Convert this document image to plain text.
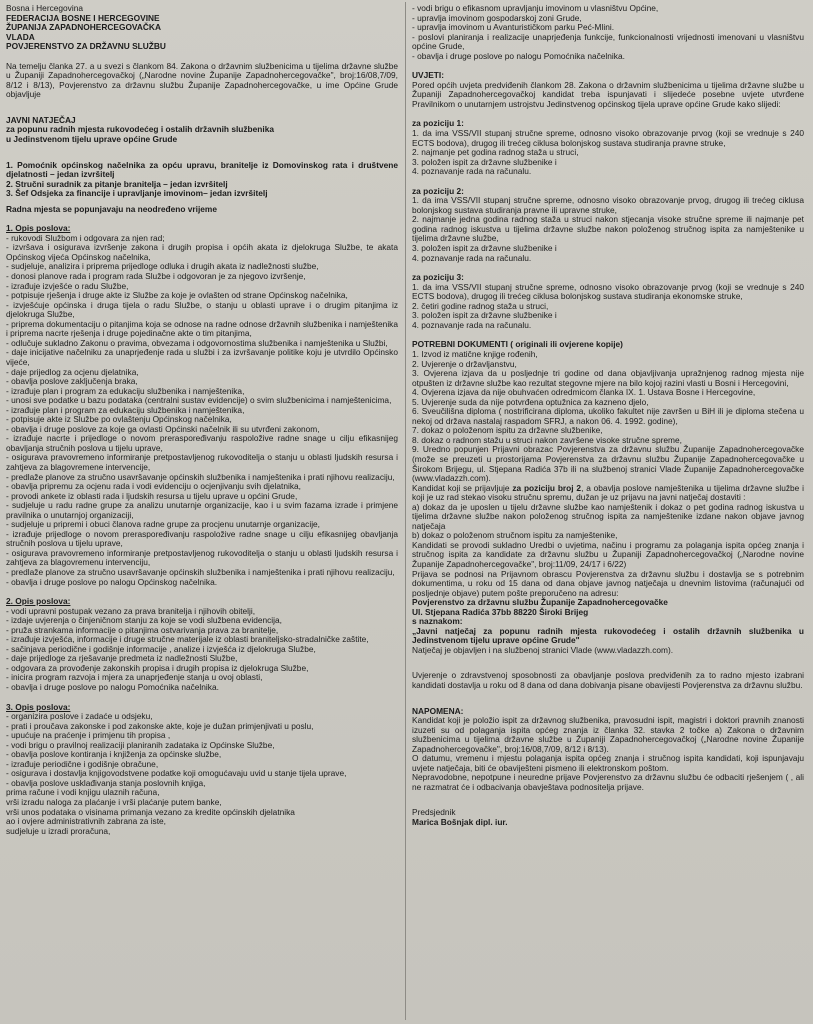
Bosna i Hercegovina

FEDERACIJA BOSNE I HERCEGOVINE

ŽUPANIJA ZAPADNOHERCEGOVAČKA

VLADA

POVJERENSTVO ZA DRŽAVNU SLUŽBU

Na temelju članka 27. a u svezi s člankom 84. Zakona o državnim službenicima u tijelima državne službe u Županiji Zapadnohercegovačkoj („Narodne novine Županije Zapadnohercegovačke", broj:16/08,7/09, 8/12 i 8/13), Povjerenstvo za državnu službu Županije Zapadnohercegovačke, u ime Općine Grude objavljuje

JAVNI NATJEČAJ

za popunu radnih mjesta rukovodećeg i ostalih državnih službenika

u Jedinstvenom tijelu uprave općine Grude

1. Pomoćnik općinskog načelnika za opću upravu, branitelje iz Domovinskog rata i društvene djelatnosti – jedan izvršitelj

2. Stručni suradnik za pitanje branitelja – jedan izvršitelj

3. Šef Odsjeka za financije i upravljanje imovinom– jedan izvršitelj

Radna mjesta se popunjavaju na neodređeno vrijeme

1. Opis poslova:

- rukovodi Službom i odgovara za njen rad;

- izvršava i osigurava izvršenje zakona i drugih propisa i općih akata iz djelokruga Službe, te akata Općinskog vijeća Općinskog načelnika,

- sudjeluje, analizira i priprema prijedloge odluka i drugih akata iz nadležnosti službe,

- donosi planove rada i program rada Službe i odgovoran je za njegovo izvršenje,

- izrađuje izvješće o radu Službe,

- potpisuje rješenja i druge akte iz Službe za koje je ovlašten od strane Općinskog načelnika,

- izvješćuje općinska i druga tijela o radu Službe, o stanju u oblasti uprave i o drugim pitanjima iz djelokruga Službe,

- priprema dokumentaciju o pitanjima koja se odnose na radne odnose državnih službenika i namještenika i priprema nacrte rješenja i druge pojedinačne akte o tim pitanjima,

- odlučuje sukladno Zakonu o pravima, obvezama i odgovornostima službenika i namještenika u Službi,

- daje inicijative načelniku za unaprjeđenje rada u službi i za izvršavanje politike koju je utvrdilo Općinsko vijeće,

- daje prijedlog za ocjenu djelatnika,

- obavlja poslove zaključenja braka,

- izrađuje plan i program za edukaciju službenika i namještenika,

- unosi sve podatke u bazu podataka (centralni sustav evidencije) o svim službenicima i namještenicima,

- izrađuje plan i program za edukaciju službenika i namještenika,

- potpisuje akte iz Službe po ovlaštenju Općinskog načelnika,

- obavlja i druge poslove za koje ga ovlasti Općinski načelnik ili su utvrđeni zakonom,

- izrađuje nacrte i prijedloge o novom preraspoređivanju raspoložive radne snage u cilju efikasnijeg obavljanja stručnih poslova u tijelu uprave,

- osigurava pravovremeno informiranje pretpostavljenog rukovoditelja o stanju u oblasti ljudskih resursa i zahtjeva za blagovremene intervencije,

- predlaže planove za stručno usavršavanje općinskih službenika i namještenika i prati njihovu realizaciju,

- obavlja pripremu za ocjenu rada i vodi evidenciju o ocjenjivanju svih djelatnika,

- provodi ankete iz oblasti rada i ljudskih resursa u tijelu uprave u općini Grude,

- sudjeluje u radu radne grupe za analizu unutarnje organizacije, kao i u svim fazama izrade i primjene pravilnika o unutarnjoj organizaciji,

- sudjeluje u pripremi i obuci članova radne grupe za procjenu unutarnje organizacije,

- izrađuje prijedloge o novom preraspoređivanju raspoložive radne snage u cilju efikasnijeg obavljanja stručnih poslova u tijelu uprave,

- osigurava pravovremeno informiranje pretpostavljenog rukovoditelja o stanju u oblasti ljudskih resursa i zahtjeva za blagovremenu intervenciju,

- predlaže planove za stručno usavršavanje općinskih službenika i namještenika i prati njihovu realizaciju,

- obavlja i druge poslove po nalogu Općinskog načelnika.

2. Opis poslova:

- vodi upravni postupak vezano za prava branitelja i njihovih obitelji,

- izdaje uvjerenja o činjeničnom stanju za koje se vodi službena evidencija,

- pruža strankama informacije o pitanjima ostvarivanja prava za branitelje,

- izrađuje izvješća, informacije i druge stručne materijale iz oblasti braniteljsko-stradalničke zaštite,

- sačinjava periodične i godišnje informacije , analize i izvješća iz djelokruga Službe,

- daje prijedloge za rješavanje predmeta iz nadležnosti Službe,

- odgovara za provođenje zakonskih propisa i drugih propisa iz djelokruga Službe,

- inicira program razvoja i mjera za unaprjeđenje stanja u ovoj oblasti,

- obavlja i druge poslove po nalogu Pomoćnika načelnika.

3. Opis poslova:

- organizira poslove i zadaće u odsjeku,

- prati i proučava zakonske i pod zakonske akte, koje je dužan primjenjivati u poslu,

- upućuje na praćenje i primjenu tih propisa ,

- vodi brigu o pravilnoj realizaciji planiranih zadataka iz Općinske Službe,

- obavlja poslove kontiranja i knjiženja za općinske službe,

- izrađuje periodične i godišnje obračune,

- osigurava i dostavlja knjigovodstvene podatke koji omogućavaju uvid u stanje tijela uprave,

- obavlja poslove usklađivanja stanja poslovnih knjiga,

prima račune i vodi knjigu ulaznih računa,

vrši izradu naloga za plaćanje i vrši plaćanje putem banke,

vrši unos podataka o visinama primanja vezano za kredite općinskih djelatnika

ao i ovjere administrativnih zabrana za iste,

sudjeluje u izradi proračuna,

- vodi brigu o efikasnom upravljanju imovinom u vlasništvu Općine,

- upravlja imovinom gospodarskoj zoni Grude,

- upravlja imovinom u Avanturističkom parku Peć-Mlini.

- poslovi planiranja i realizacije unaprjeđenja funkcije, funkcionalnosti vrijednosti imenovani u vlasništvu općine Grude,

- obavlja i druge poslove po nalogu Pomoćnika načelnika.

UVJETI:

Pored općih uvjeta predviđenih člankom 28. Zakona o državnim službenicima u tijelima državne službe u Županiji Zapadnohercegovačkoj kandidat treba ispunjavati i slijedeće posebne uvjete utvrđene Pravilnikom o unutarnjem ustrojstvu Jedinstvenog općinskog tijela uprave općine Grude kako slijedi:

za poziciju 1:

1. da ima VSS/VII stupanj stručne spreme, odnosno visoko obrazovanje prvog (koji se vrednuje s 240 ECTS bodova), drugog ili trećeg ciklusa bolonjskog sustava studiranja pravne struke,

2. najmanje pet godina radnog staža u struci,

3. položen ispit za državne službenike i

4. poznavanje rada na računalu.

za poziciju 2:

1. da ima VSS/VII stupanj stručne spreme, odnosno visoko obrazovanje prvog, drugog ili trećeg ciklusa bolonjskog sustava studiranja pravne ili upravne struke,

2. najmanje jedna godina radnog staža u struci nakon stjecanja visoke stručne spreme ili najmanje pet godina radnog iskustva u tijelima državne službe nakon položenog stručnog ispita za namještenike u tijelima državne službe,

3. položen ispit za državne službenike i

4. poznavanje rada na računalu.

za poziciju 3:

1. da ima VSS/VII stupanj stručne spreme, odnosno visoko obrazovanje prvog (koji se vrednuje s 240 ECTS bodova), drugog ili trećeg ciklusa bolonjskog sustava studiranja ekonomske struke,

2. četiri godine radnog staža u struci,

3. položen ispit za državne službenike i

4. poznavanje rada na računalu.

POTREBNI DOKUMENTI ( originali ili ovjerene kopije)

1. Izvod iz matične knjige rođenih,

2. Uvjerenje o državljanstvu,

3. Ovjerena izjava da u posljednje tri godine od dana objavljivanja upražnjenog radnog mjesta nije otpušten iz državne službe kao rezultat stegovne mjere na bilo kojoj razini vlasti u Bosni i Hercegovini,

4. Ovjerena izjava da nije obuhvaćen odredmicom članka IX. 1. Ustava Bosne i Hercegovine,

5. Uvjerenje suda da nije potvrđena optužnica za kazneno djelo,

6. Sveučilišna diploma ( nostrificirana diploma, ukoliko fakultet nije završen u BiH ili je diploma stečena u nekoj od država nastalaj raspadom SFRJ, a nakon 06. 4. 1992. godine),

7. dokaz o položenom ispitu za državne službenike,

8. dokaz o radnom stažu u struci nakon završene visoke stručne spreme,

9. Uredno popunjen Prijavni obrazac Povjerenstva za državnu službu Županije Zapadnohercegovačke (može se preuzeti u prostorijama Povjerenstva za državnu službu Županije Zapadnohercegovačke u Širokom Brijegu, ul. Stjepana Radića 37b ili na službenoj stranici Vlade Županije Zapadnohercegovačke (www.vladazzh.com).

Kandidat koji se prijavljuje za poziciju broj 2, a obavlja poslove namještenika u tijelima državne službe i koji je uz rad stekao visoku stručnu spremu, dužan je uz prijavu na javni natječaj dostaviti :

a) dokaz da je uposlen u tijelu državne službe kao namještenik i dokaz o pet godina radnog iskustva u tijelima državne službe nakon položenog stručnog ispita za namještenike izdane nakon objave javnog natječaja

b) dokaz o položenom stručnom ispitu za namještenike,

Kandidati se provodi sukladno Uredbi o uvjetima, načinu i programu za polaganja ispita općeg znanja i stručnog ispita za kandidate za državnu službu u Županiji Zapadnohercegovačkoj („Narodne novine Županije Zapadnohercegovačke", broj:11/09, 24/17 i 6/22)

Prijava se podnosi na Prijavnom obrascu Povjerenstva za državnu službu i dostavlja se s potrebnim dokumentima, u roku od 15 dana od dana objave javnog natječaja u dnevnim listovima (računajući od posljednje objave) putem pošte preporučeno na adresu:

Povjerenstvo za državnu službu Županije Zapadnohercegovačke

Ul. Stjepana Radića 37bb 88220 Široki Brijeg

s naznakom:

„Javni natječaj za popunu radnih mjesta rukovodećeg i ostalih državnih službenika u Jedinstvenom tijelu uprave općine Grude"

Natječaj je objavljen i na službenoj stranici Vlade (www.vladazzh.com).

Uvjerenje o zdravstvenoj sposobnosti za obavljanje poslova predviđenih za to radno mjesto izabrani kandidati dostavlja u roku od 8 dana od dana dobivanja pisane obavijesti Povjerenstva za državnu službu.

NAPOMENA:

Kandidat koji je položio ispit za državnog službenika, pravosudni ispit, magistri i doktori pravnih znanosti izuzeti su od polaganja ispita općeg znanja iz članka 32. stavka 2 točke a) Zakona o državnim službenicima u tijelima državne službe u Županiji Zapadnohercegovačkoj („Narodne novine Županije Zapadnohercegovačke", broj:16/08,7/09, 8/12 i 8/13).

O datumu, vremenu i mjestu polaganja ispita općeg znanja i stručnog ispita kandidati, koji ispunjavaju uvjete natječaja, biti će obaviješteni pismeno ili elektronskom poštom.

Nepravodobne, nepotpune i neuredne prijave Povjerenstvo za državnu službu će odbaciti rješenjem ( , ali ne razmatrat će i odbacivanja obavještava podnositelja prijave.

Predsjednik

Marica Bošnjak dipl. iur.
